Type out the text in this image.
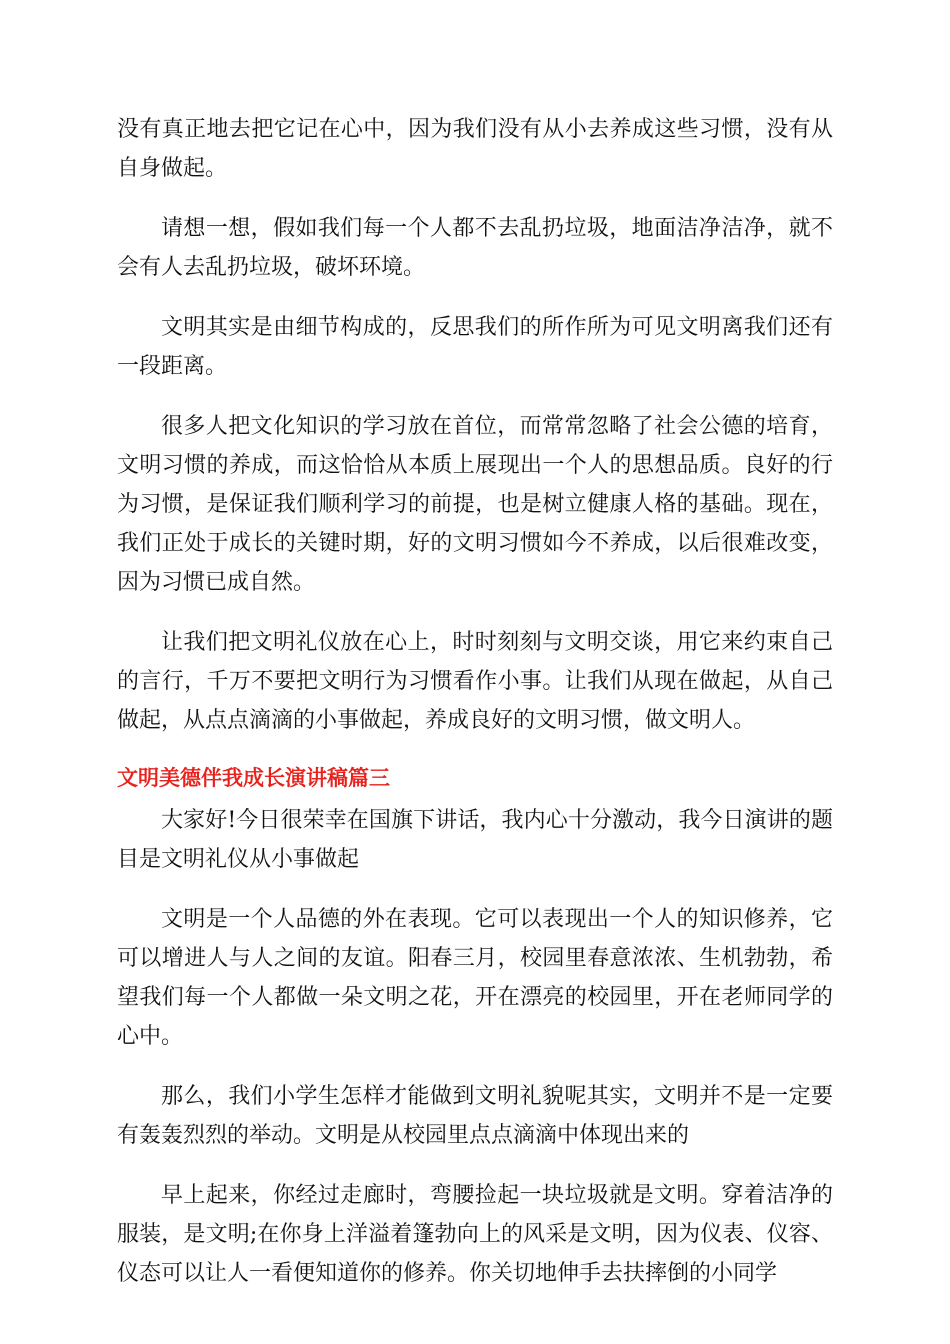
没有真正地去把它记在心中，因为我们没有从小去养成这些习惯，没有从自身做起。

请想一想，假如我们每一个人都不去乱扔垃圾，地面洁净洁净，就不会有人去乱扔垃圾，破坏环境。

文明其实是由细节构成的，反思我们的所作所为可见文明离我们还有一段距离。

很多人把文化知识的学习放在首位，而常常忽略了社会公德的培育，文明习惯的养成，而这恰恰从本质上展现出一个人的思想品质。良好的行为习惯，是保证我们顺利学习的前提，也是树立健康人格的基础。现在，我们正处于成长的关键时期，好的文明习惯如今不养成，以后很难改变，因为习惯已成自然。

让我们把文明礼仪放在心上，时时刻刻与文明交谈，用它来约束自己的言行，千万不要把文明行为习惯看作小事。让我们从现在做起，从自己做起，从点点滴滴的小事做起，养成良好的文明习惯，做文明人。

文明美德伴我成长演讲稿篇三

大家好!今日很荣幸在国旗下讲话，我内心十分激动，我今日演讲的题目是文明礼仪从小事做起

文明是一个人品德的外在表现。它可以表现出一个人的知识修养，它可以增进人与人之间的友谊。阳春三月，校园里春意浓浓、生机勃勃，希望我们每一个人都做一朵文明之花，开在漂亮的校园里，开在老师同学的心中。

那么，我们小学生怎样才能做到文明礼貌呢其实，文明并不是一定要有轰轰烈烈的举动。文明是从校园里点点滴滴中体现出来的

早上起来，你经过走廊时，弯腰捡起一块垃圾就是文明。穿着洁净的服装，是文明;在你身上洋溢着篷勃向上的风采是文明，因为仪表、仪容、仪态可以让人一看便知道你的修养。你关切地伸手去扶摔倒的小同学
